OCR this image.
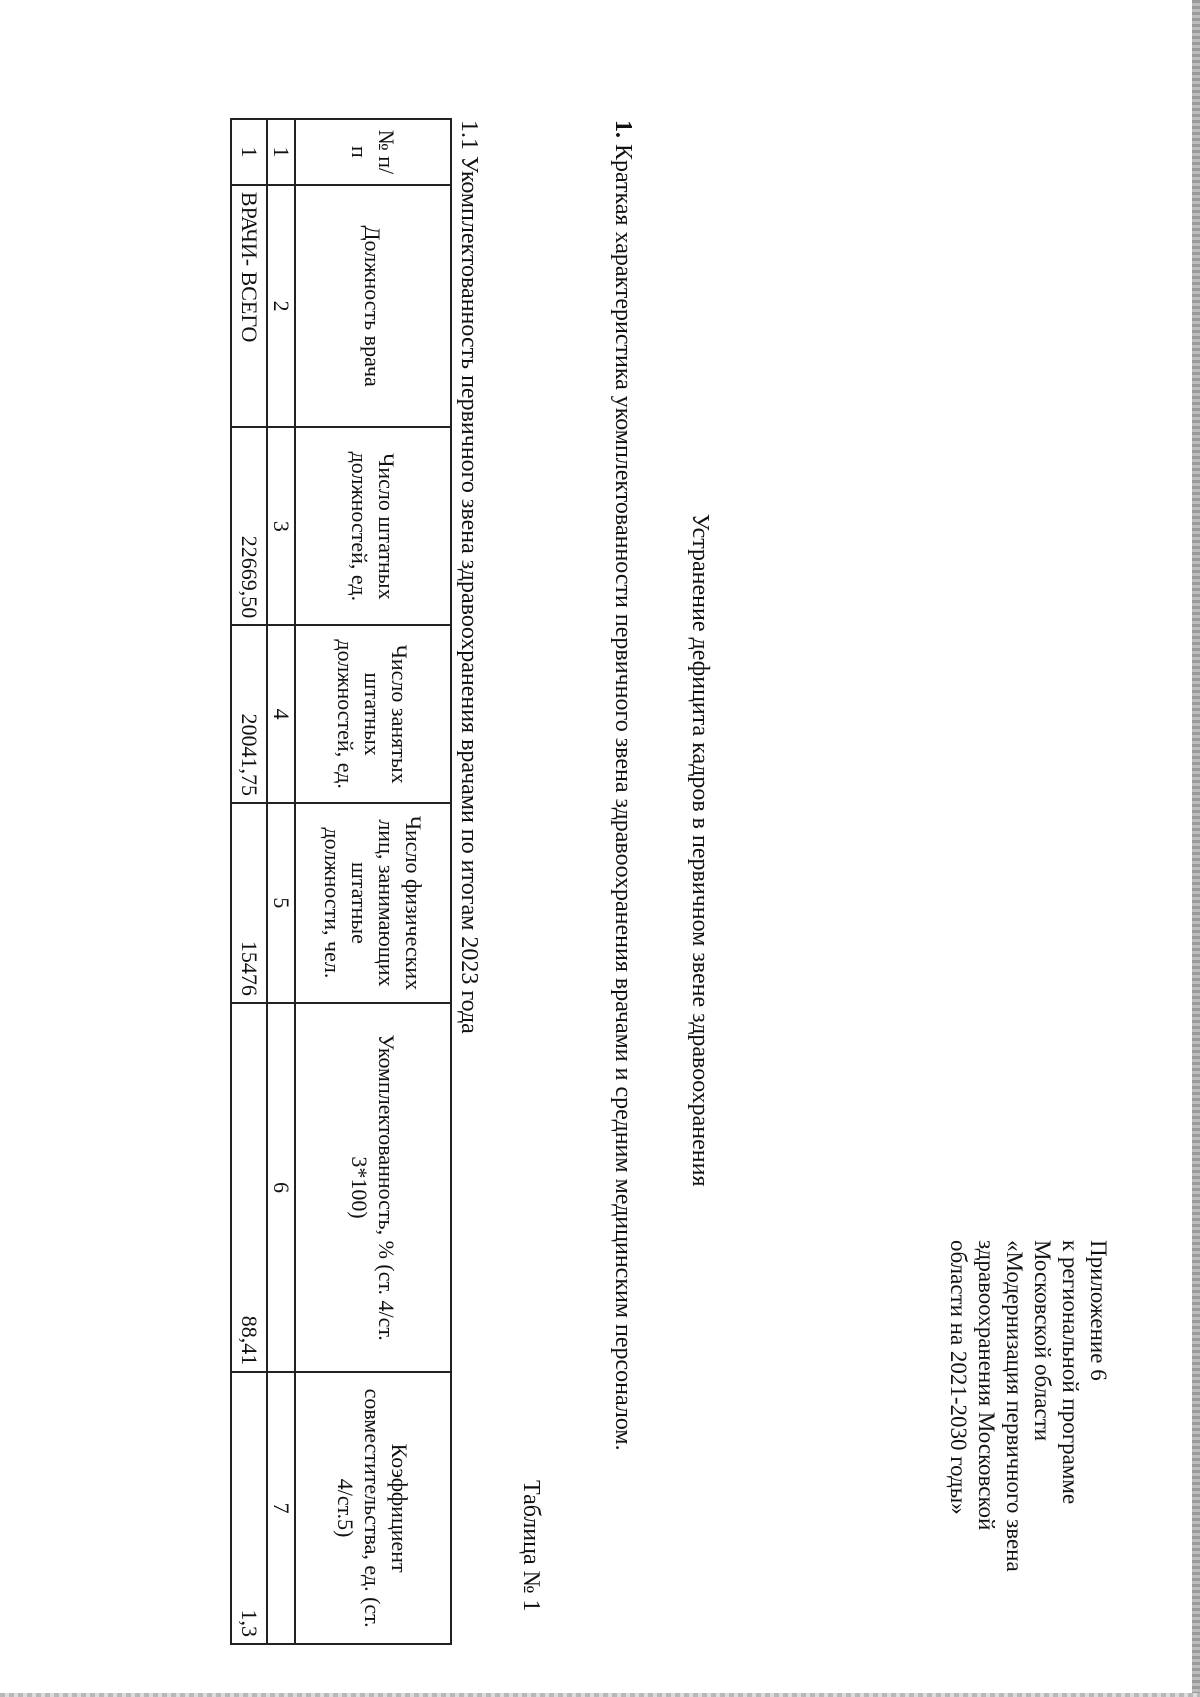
Приложение 6
к региональной программе
Московской области
«Модернизация первичного звена
здравоохранения Московской
области на 2021-2030 годы»
Устранение дефицита кадров в первичном звене здравоохранения
1. Краткая характеристика укомплектованности первичного звена здравоохранения врачами и средним медицинским персоналом.
Таблица № 1
1.1 Укомплектованность первичного звена здравоохранения врачами по итогам 2023 года
№ п/п	Должность врача	Число штатных должностей, ед.	Число занятых штатных должностей, ед.	Число физических лиц, занимающих штатные должности, чел.	Укомплектованность, % (ст. 4/ст. 3*100)	Коэффициент совместительства, ед. (ст. 4/ст.5)
1	2	3	4	5	6	7
1	ВРАЧИ- ВСЕГО	22669,50	20041,75	15476	88,41	1,3
